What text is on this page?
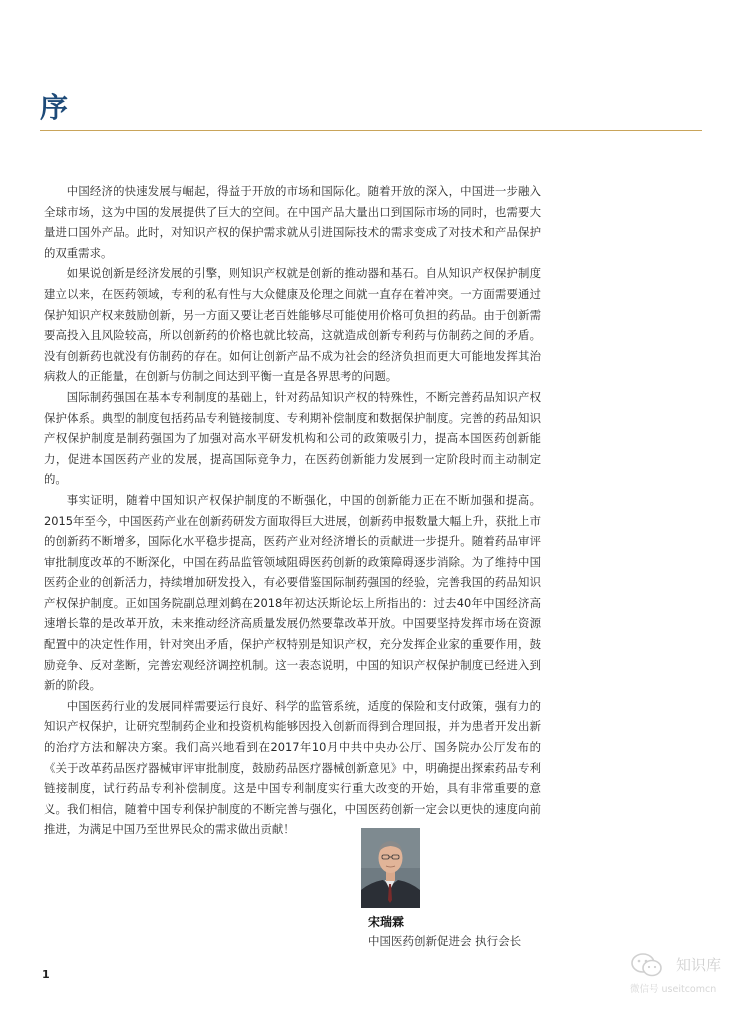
序

中国经济的快速发展与崛起，得益于开放的市场和国际化。随着开放的深入，中国进一步融入全球市场，这为中国的发展提供了巨大的空间。在中国产品大量出口到国际市场的同时，也需要大量进口国外产品。此时，对知识产权的保护需求就从引进国际技术的需求变成了对技术和产品保护的双重需求。

如果说创新是经济发展的引擎，则知识产权就是创新的推动器和基石。自从知识产权保护制度建立以来，在医药领域，专利的私有性与大众健康及伦理之间就一直存在着冲突。一方面需要通过保护知识产权来鼓励创新，另一方面又要让老百姓能够尽可能使用价格可负担的药品。由于创新需要高投入且风险较高，所以创新药的价格也就比较高，这就造成创新专利药与仿制药之间的矛盾。没有创新药也就没有仿制药的存在。如何让创新产品不成为社会的经济负担而更大可能地发挥其治病救人的正能量，在创新与仿制之间达到平衡一直是各界思考的问题。

国际制药强国在基本专利制度的基础上，针对药品知识产权的特殊性，不断完善药品知识产权保护体系。典型的制度包括药品专利链接制度、专利期补偿制度和数据保护制度。完善的药品知识产权保护制度是制药强国为了加强对高水平研发机构和公司的政策吸引力，提高本国医药创新能力，促进本国医药产业的发展，提高国际竞争力，在医药创新能力发展到一定阶段时而主动制定的。

事实证明，随着中国知识产权保护制度的不断强化，中国的创新能力正在不断加强和提高。2015年至今，中国医药产业在创新药研发方面取得巨大进展，创新药申报数量大幅上升，获批上市的创新药不断增多，国际化水平稳步提高，医药产业对经济增长的贡献进一步提升。随着药品审评审批制度改革的不断深化，中国在药品监管领域阻碍医药创新的政策障碍逐步消除。为了维持中国医药企业的创新活力，持续增加研发投入，有必要借鉴国际制药强国的经验，完善我国的药品知识产权保护制度。正如国务院副总理刘鹤在2018年初达沃斯论坛上所指出的：过去40年中国经济高速增长靠的是改革开放，未来推动经济高质量发展仍然要靠改革开放。中国要坚持发挥市场在资源配置中的决定性作用，针对突出矛盾，保护产权特别是知识产权，充分发挥企业家的重要作用，鼓励竞争、反对垄断，完善宏观经济调控机制。这一表态说明，中国的知识产权保护制度已经进入到新的阶段。

中国医药行业的发展同样需要运行良好、科学的监管系统，适度的保险和支付政策，强有力的知识产权保护，让研究型制药企业和投资机构能够因投入创新而得到合理回报，并为患者开发出新的治疗方法和解决方案。我们高兴地看到在2017年10月中共中央办公厅、国务院办公厅发布的《关于改革药品医疗器械审评审批制度，鼓励药品医疗器械创新意见》中，明确提出探索药品专利链接制度，试行药品专利补偿制度。这是中国专利制度实行重大改变的开始，具有非常重要的意义。我们相信，随着中国专利保护制度的不断完善与强化，中国医药创新一定会以更快的速度向前推进，为满足中国乃至世界民众的需求做出贡献！

宋瑞霖
中国医药创新促进会 执行会长
1
知识库
微信号 useitcomcn
